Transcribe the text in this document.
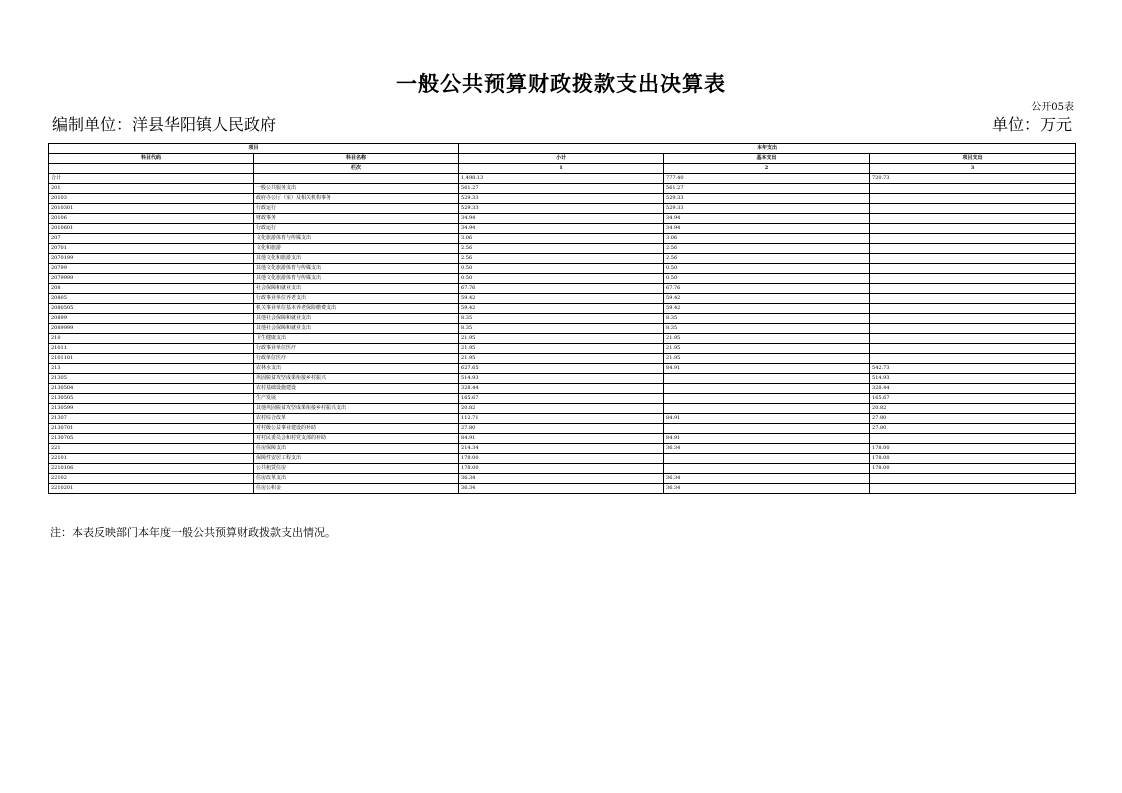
一般公共预算财政拨款支出决算表
公开05表
编制单位：洋县华阳镇人民政府	单位：万元
项目		本年支出		
科目代码	科目名称	小计	基本支出	项目支出
	栏次	1	2	3
合计		1,498.13	777.40	720.73
201	一般公共服务支出	561.27	561.27	
20103	政府办公厅（室）及相关机构事务	529.33	529.33	
2010301	行政运行	529.33	529.33	
20106	财政事务	34.94	34.94	
2010601	行政运行	34.94	34.94	
207	文化旅游体育与传媒支出	3.06	3.06	
20701	文化和旅游	2.56	2.56	
2070199	其他文化和旅游支出	2.56	2.56	
20799	其他文化旅游体育与传媒支出	0.50	0.50	
2079999	其他文化旅游体育与传媒支出	0.50	0.50	
208	社会保障和就业支出	67.76	67.76	
20805	行政事业单位养老支出	59.42	59.42	
2080505	机关事业单位基本养老保险缴费支出	59.42	59.42	
20899	其他社会保障和就业支出	8.35	8.35	
2089999	其他社会保障和就业支出	8.35	8.35	
210	卫生健康支出	21.95	21.95	
21011	行政事业单位医疗	21.95	21.95	
2101101	行政单位医疗	21.95	21.95	
213	农林水支出	627.65	84.91	542.73
21305	巩固脱贫攻坚成果衔接乡村振兴	514.93		514.93
2130504	农村基础设施建设	328.44		328.44
2130505	生产发展	165.67		165.67
2130599	其他巩固脱贫攻坚成果衔接乡村振兴支出	20.82		20.82
21307	农村综合改革	112.71	84.91	27.80
2130701	对村级公益事业建设的补助	27.80		27.80
2130705	对村民委员会和村党支部的补助	84.91	84.91	
221	住房保障支出	214.34	36.34	178.00
22101	保障性安居工程支出	178.00		178.00
2210106	公共租赁住房	178.00		178.00
22102	住房改革支出	36.34	36.34	
2210201	住房公积金	36.34	36.34	
注：本表反映部门本年度一般公共预算财政拨款支出情况。
